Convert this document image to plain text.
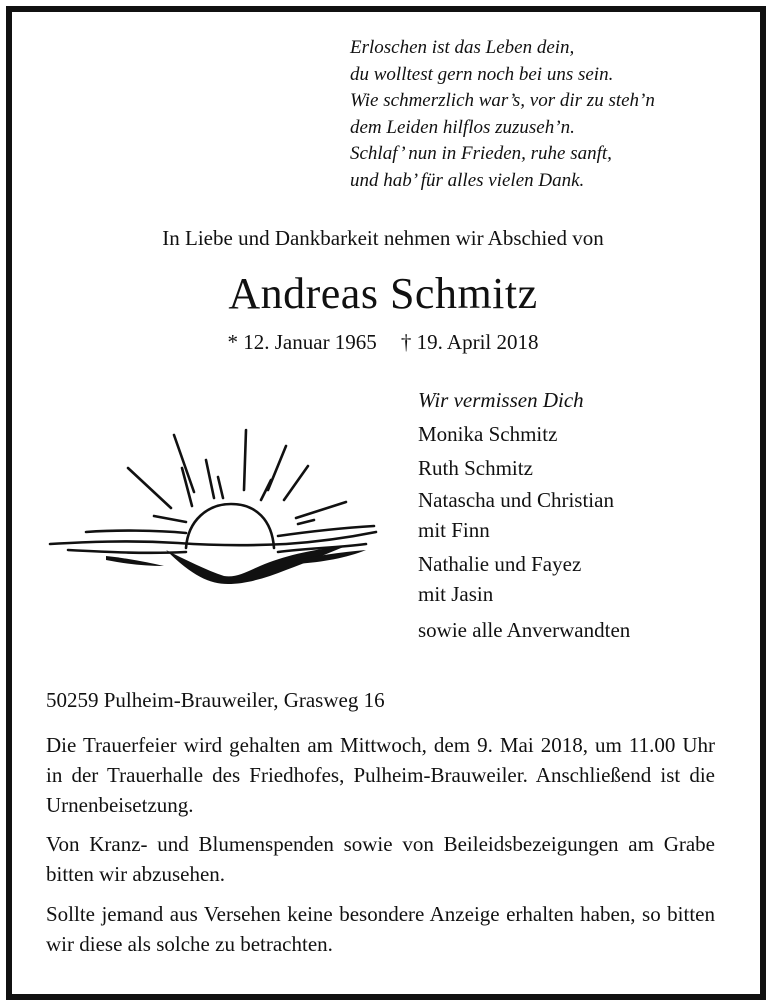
Erloschen ist das Leben dein,
du wolltest gern noch bei uns sein.
Wie schmerzlich war’s, vor dir zu steh’n
dem Leiden hilflos zuzuseh’n.
Schlaf’ nun in Frieden, ruhe sanft,
und hab’ für alles vielen Dank.
In Liebe und Dankbarkeit nehmen wir Abschied von
Andreas Schmitz
* 12. Januar 1965 † 19. April 2018
Wir vermissen Dich
Monika Schmitz
Ruth Schmitz
Natascha und Christian
mit Finn
Nathalie und Fayez
mit Jasin
sowie alle Anverwandten
50259 Pulheim-Brauweiler, Grasweg 16
Die Trauerfeier wird gehalten am Mittwoch, dem 9. Mai 2018, um 11.00 Uhr in der Trauerhalle des Friedhofes, Pulheim-Brauweiler. Anschließend ist die Urnenbeisetzung.
Von Kranz- und Blumenspenden sowie von Beileidsbezeigungen am Grabe bitten wir abzusehen.
Sollte jemand aus Versehen keine besondere Anzeige erhalten haben, so bitten wir diese als solche zu betrachten.
